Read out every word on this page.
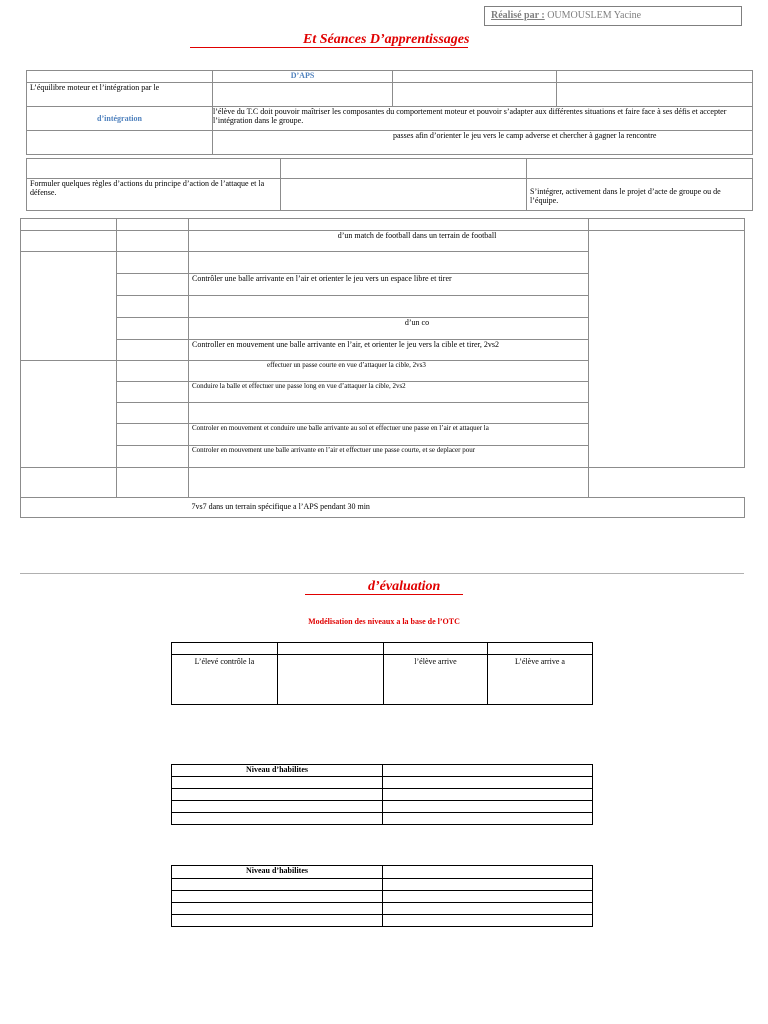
Réalisé par : OUMOUSLEM Yacine
Et Séances D’apprentissages
	D’APS		
L’équilibre moteur et l’intégration par le			
d’intégration	l’élève du T.C doit pouvoir maîtriser les composantes du comportement moteur et pouvoir s’adapter aux différentes situations et faire face à ses défis et accepter l’intégration dans le groupe.		
	passes afin d’orienter le jeu vers le camp adverse et chercher à gagner la rencontre		

Formuler quelques règles d’actions du principe d’action de l’attaque et la défense.		S’intégrer, activement dans le projet d’acte de groupe ou de l’équipe.

		d’un match de football dans un terrain de football	

		Contrôler une balle arrivante en l’air et orienter le jeu vers un espace libre et tirer	

		d’un co	
		Controller en mouvement une balle arrivante en l’air, et orienter le jeu vers la cible et tirer, 2vs2	
		effectuer un passe courte en vue d’attaquer la cible, 2vs3	
		Conduire la balle et effectuer une passe long en vue d’attaquer la cible, 2vs2	

		Controler en mouvement et conduire une balle arrivante au sol et effectuer une passe en l’air et attaquer la	
		Controler en mouvement une balle arrivante en l’air et effectuer une passe courte, et se deplacer pour	

		7vs7 dans un terrain spécifique a l’APS pendant 30 min	
d’évaluation
Modélisation des niveaux a la base de l’OTC

L’élevé contrôle la		l’élève arrive	L’élève arrive a
Niveau d’habilites	

Niveau d’habilites	
